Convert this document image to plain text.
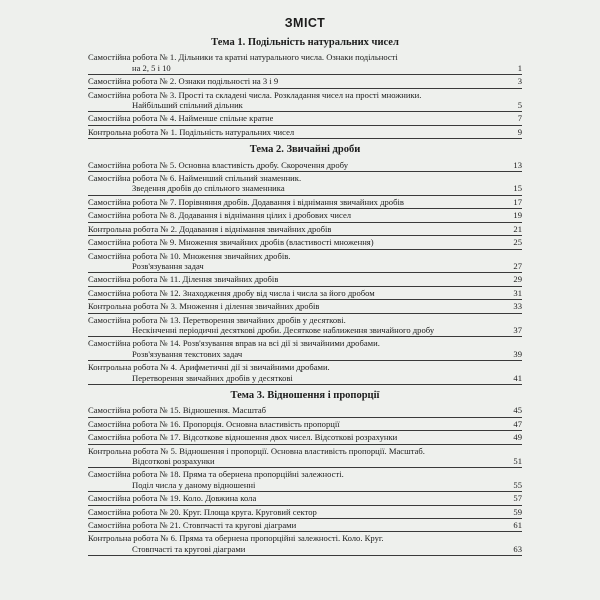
ЗМІСТ
Тема 1. Подільність натуральних чисел
Самостійна робота № 1. Дільники та кратні натурального числа. Ознаки подільності
на 2, 5 і 10	1
Самостійна робота № 2. Ознаки подільності на 3 і 9	3
Самостійна робота № 3. Прості та складені числа. Розкладання чисел на прості множники.
Найбільший спільний дільник	5
Самостійна робота № 4. Найменше спільне кратне	7
Контрольна робота № 1. Подільність натуральних чисел	9
Тема 2. Звичайні дроби
Самостійна робота № 5. Основна властивість дробу. Скорочення дробу	13
Самостійна робота № 6. Найменший спільний знаменник.
Зведення дробів до спільного знаменника	15
Самостійна робота № 7. Порівняння дробів. Додавання і віднімання звичайних дробів	17
Самостійна робота № 8. Додавання і віднімання цілих і дробових чисел	19
Контрольна робота № 2. Додавання і віднімання звичайних дробів	21
Самостійна робота № 9. Множення звичайних дробів (властивості множення)	25
Самостійна робота № 10. Множення звичайних дробів.
Розв'язування задач	27
Самостійна робота № 11. Ділення звичайних дробів	29
Самостійна робота № 12. Знаходження дробу від числа і числа за його дробом	31
Контрольна робота № 3. Множення і ділення звичайних дробів	33
Самостійна робота № 13. Перетворення звичайних дробів у десяткові.
Нескінченні періодичні десяткові дроби. Десяткове наближення звичайного дробу	37
Самостійна робота № 14. Розв'язування вправ на всі дії зі звичайними дробами.
Розв'язування текстових задач	39
Контрольна робота № 4. Арифметичні дії зі звичайними дробами.
Перетворення звичайних дробів у десяткові	41
Тема 3. Відношення і пропорції
Самостійна робота № 15. Відношення. Масштаб	45
Самостійна робота № 16. Пропорція. Основна властивість пропорції	47
Самостійна робота № 17. Відсоткове відношення двох чисел. Відсоткові розрахунки	49
Контрольна робота № 5. Відношення і пропорції. Основна властивість пропорції. Масштаб.
Відсоткові розрахунки	51
Самостійна робота № 18. Пряма та обернена пропорційні залежності.
Поділ числа у даному відношенні	55
Самостійна робота № 19. Коло. Довжина кола	57
Самостійна робота № 20. Круг. Площа круга. Круговий сектор	59
Самостійна робота № 21. Стовпчасті та кругові діаграми	61
Контрольна робота № 6. Пряма та обернена пропорційні залежності. Коло. Круг.
Стовпчасті та кругові діаграми	63
